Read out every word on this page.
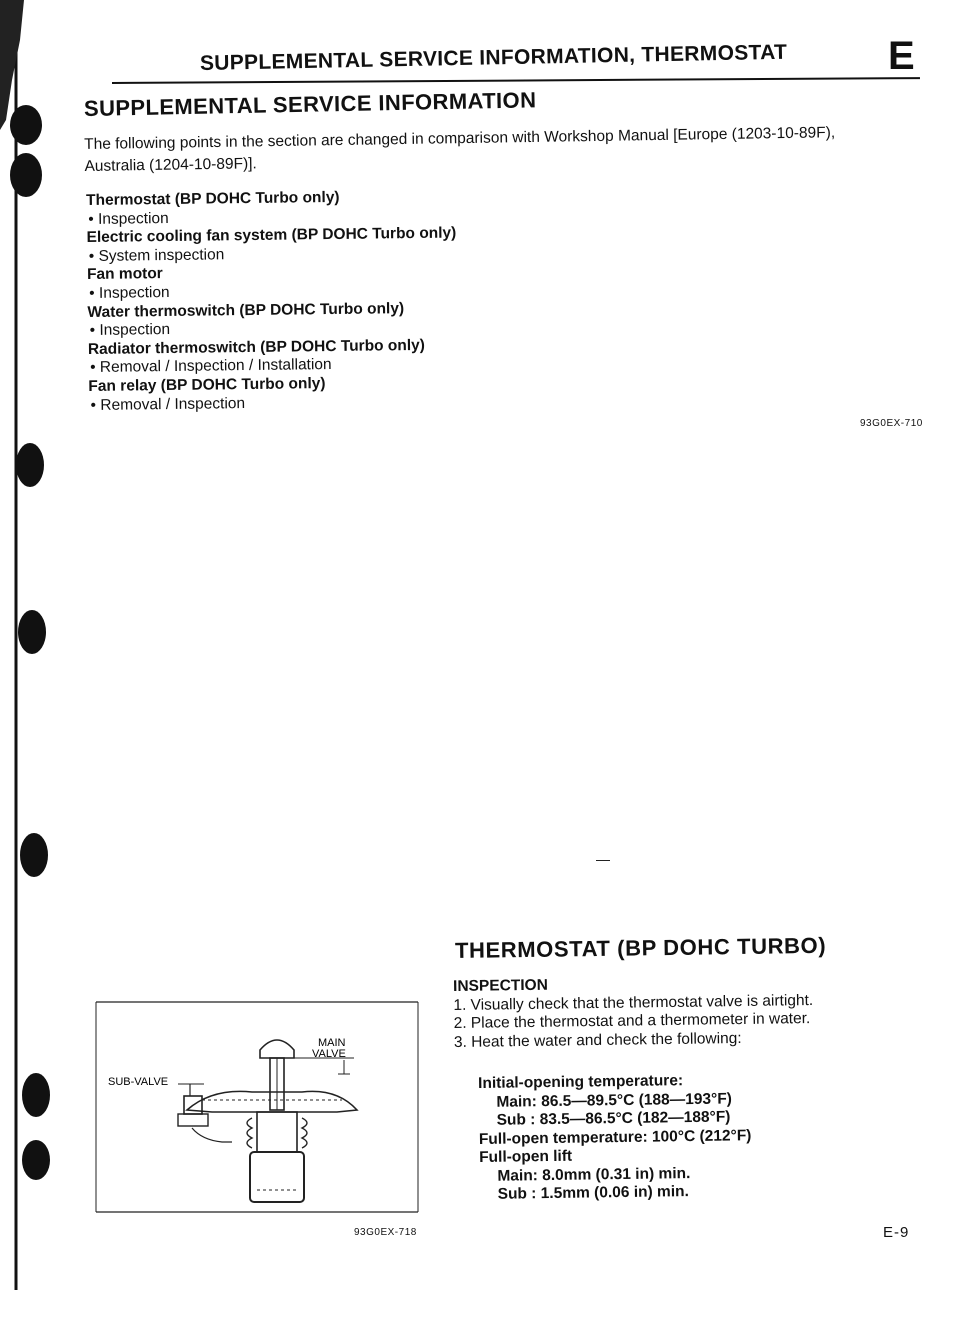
SUPPLEMENTAL SERVICE INFORMATION, THERMOSTAT	E
SUPPLEMENTAL SERVICE INFORMATION
The following points in the section are changed in comparison with Workshop Manual [Europe (1203-10-89F),
Australia (1204-10-89F)].
Thermostat (BP DOHC Turbo only)
• Inspection
Electric cooling fan system (BP DOHC Turbo only)
• System inspection
Fan motor
• Inspection
Water thermoswitch (BP DOHC Turbo only)
• Inspection
Radiator thermoswitch (BP DOHC Turbo only)
• Removal / Inspection / Installation
Fan relay (BP DOHC Turbo only)
• Removal / Inspection
93G0EX-710
THERMOSTAT (BP DOHC TURBO)
INSPECTION
1. Visually check that the thermostat valve is airtight.
2. Place the thermostat and a thermometer in water.
3. Heat the water and check the following:
Initial-opening temperature:
Main: 86.5—89.5°C (188—193°F)
Sub : 83.5—86.5°C (182—188°F)
Full-open temperature: 100°C (212°F)
Full-open lift
Main: 8.0mm (0.31 in) min.
Sub : 1.5mm (0.06 in) min.
SUB-VALVE
MAIN
VALVE
93G0EX-718	E-9
